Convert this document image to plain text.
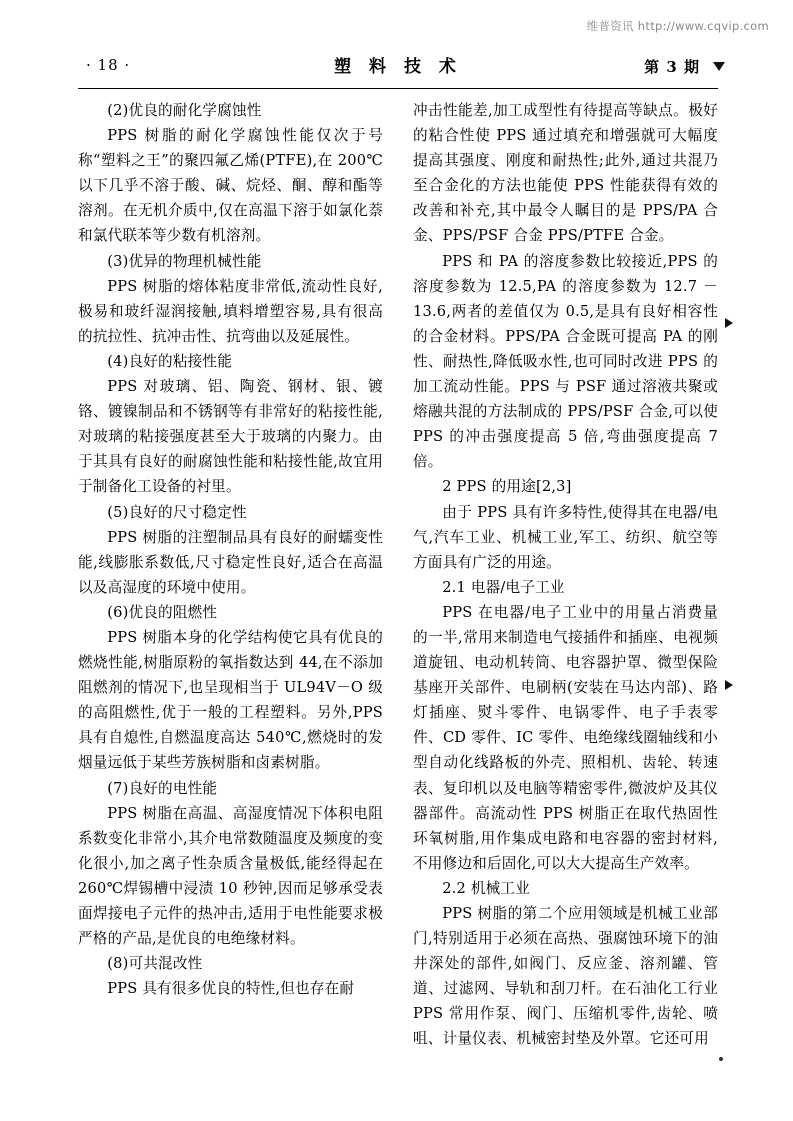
维普资讯 http://www.cqvip.com
· 18 ·	塑 料 技 术	第 3 期

(2)优良的耐化学腐蚀性

PPS 树脂的耐化学腐蚀性能仅次于号称“塑料之王”的聚四氟乙烯(PTFE),在 200℃以下几乎不溶于酸、碱、烷烃、酮、醇和酯等溶剂。在无机介质中,仅在高温下溶于如氯化萘和氯代联苯等少数有机溶剂。

(3)优异的物理机械性能

PPS 树脂的熔体粘度非常低,流动性良好,极易和玻纤湿润接触,填料增塑容易,具有很高的抗拉性、抗冲击性、抗弯曲以及延展性。

(4)良好的粘接性能

PPS 对玻璃、铝、陶瓷、钢材、银、镀铬、镀镍制品和不锈钢等有非常好的粘接性能,对玻璃的粘接强度甚至大于玻璃的内聚力。由于其具有良好的耐腐蚀性能和粘接性能,故宜用于制备化工设备的衬里。

(5)良好的尺寸稳定性

PPS 树脂的注塑制品具有良好的耐蠕变性能,线膨胀系数低,尺寸稳定性良好,适合在高温以及高湿度的环境中使用。

(6)优良的阻燃性

PPS 树脂本身的化学结构使它具有优良的燃烧性能,树脂原粉的氧指数达到 44,在不添加阻燃剂的情况下,也呈现相当于 UL94V－O 级的高阻燃性,优于一般的工程塑料。另外,PPS 具有自熄性,自燃温度高达 540℃,燃烧时的发烟量远低于某些芳族树脂和卤素树脂。

(7)良好的电性能

PPS 树脂在高温、高湿度情况下体积电阻系数变化非常小,其介电常数随温度及频度的变化很小,加之离子性杂质含量极低,能经得起在 260℃焊锡槽中浸渍 10 秒钟,因而足够承受表面焊接电子元件的热冲击,适用于电性能要求极严格的产品,是优良的电绝缘材料。

(8)可共混改性

PPS 具有很多优良的特性,但也存在耐

冲击性能差,加工成型性有待提高等缺点。极好的粘合性使 PPS 通过填充和增强就可大幅度提高其强度、刚度和耐热性;此外,通过共混乃至合金化的方法也能使 PPS 性能获得有效的改善和补充,其中最令人瞩目的是 PPS/PA 合金、PPS/PSF 合金 PPS/PTFE 合金。

PPS 和 PA 的溶度参数比较接近,PPS 的溶度参数为 12.5,PA 的溶度参数为 12.7 － 13.6,两者的差值仅为 0.5,是具有良好相容性的合金材料。PPS/PA 合金既可提高 PA 的刚性、耐热性,降低吸水性,也可同时改进 PPS 的加工流动性能。PPS 与 PSF 通过溶液共聚或熔融共混的方法制成的 PPS/PSF 合金,可以使 PPS 的冲击强度提高 5 倍,弯曲强度提高 7 倍。

2 PPS 的用途[2,3]

由于 PPS 具有许多特性,使得其在电器/电气,汽车工业、机械工业,军工、纺织、航空等方面具有广泛的用途。

2.1 电器/电子工业

PPS 在电器/电子工业中的用量占消费量的一半,常用来制造电气接插件和插座、电视频道旋钮、电动机转筒、电容器护罩、微型保险基座开关部件、电刷柄(安装在马达内部)、路灯插座、熨斗零件、电锅零件、电子手表零件、CD 零件、IC 零件、电绝缘线圈轴线和小型自动化线路板的外壳、照相机、齿轮、转速表、复印机以及电脑等精密零件,微波炉及其仪器部件。高流动性 PPS 树脂正在取代热固性环氧树脂,用作集成电路和电容器的密封材料,不用修边和后固化,可以大大提高生产效率。

2.2 机械工业

PPS 树脂的第二个应用领域是机械工业部门,特别适用于必须在高热、强腐蚀环境下的油井深处的部件,如阀门、反应釜、溶剂罐、管道、过滤网、导轨和刮刀杆。在石油化工行业 PPS 常用作泵、阀门、压缩机零件,齿轮、喷咀、计量仪表、机械密封垫及外罩。它还可用
